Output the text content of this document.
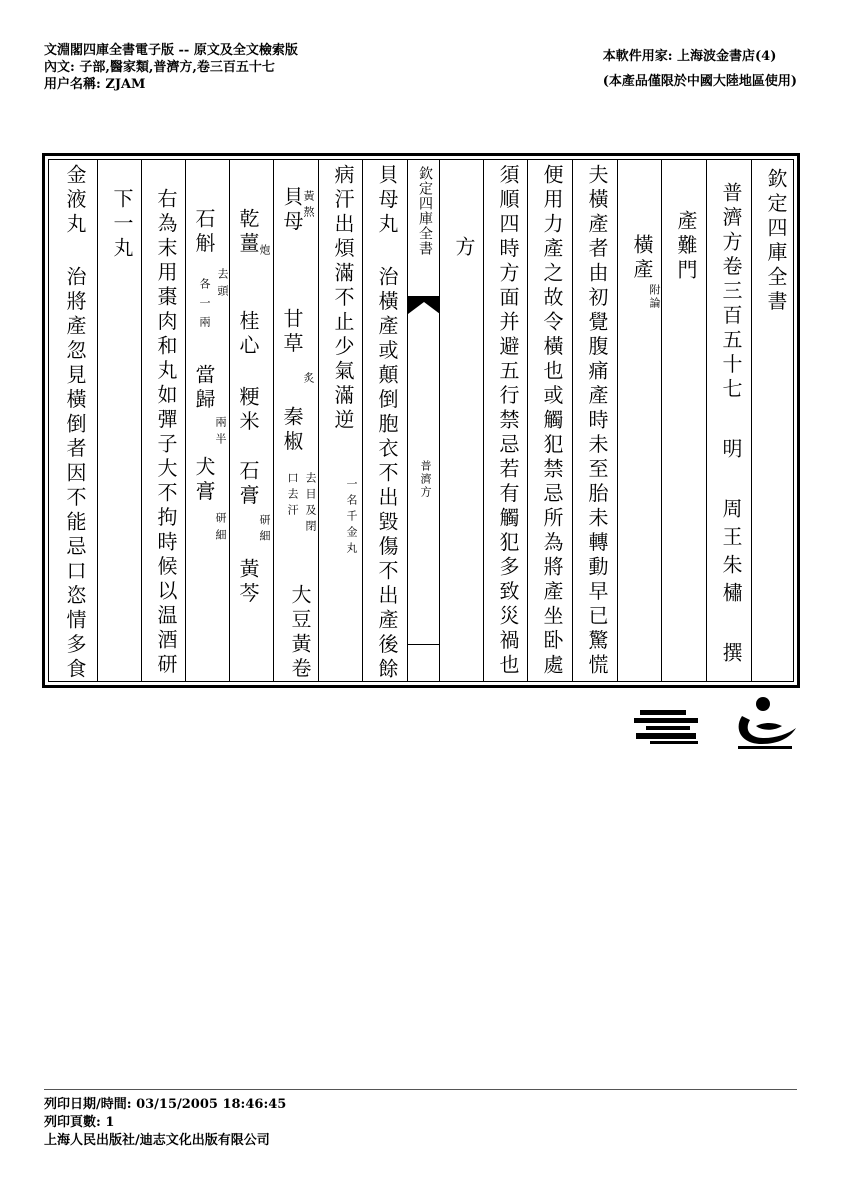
文淵閣四庫全書電子版 -- 原文及全文檢索版
內文: 子部,醫家類,普濟方,卷三百五十七
用户名稱: ZJAM
本軟件用家: 上海波金書店(4)
(本產品僅限於中國大陸地區使用)
欽定四庫全書
普濟方卷三百五十七
明 周王朱橚 撰
產難門
橫產
附論
夫橫產者由初覺腹痛產時未至胎未轉動早已驚慌
便用力產之故令橫也或觸犯禁忌所為將產坐卧處
須順四時方面并避五行禁忌若有觸犯多致災禍也
方
欽定四庫全書
普濟方
貝母丸 治橫產或顛倒胞衣不出毀傷不出產後餘
病汗出煩滿不止少氣滿逆
一名千金丸
貝母
黃熬
甘草
炙
秦椒
去目及閉
口去汗
大豆黃卷
乾薑
炮
桂心
粳米
石膏
研細
黃芩
石斛
去頭
各一兩
當歸
兩半
犬膏
研細
右為末用棗肉和丸如彈子大不拘時候以温酒研
下一丸
金液丸 治將產忽見橫倒者因不能忌口恣情多食
列印日期/時間: 03/15/2005 18:46:45
列印頁數: 1
上海人民出版社/迪志文化出版有限公司
